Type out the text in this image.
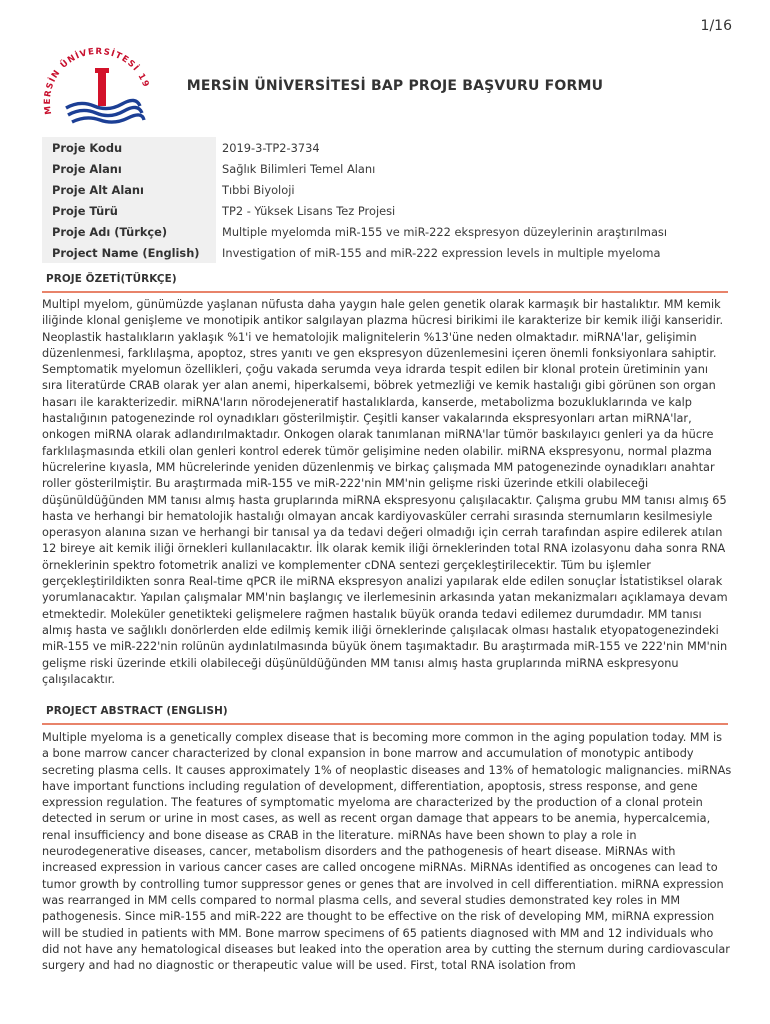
1/16
MERSİN ÜNİVERSİTESİ 19	MERSİN ÜNİVERSİTESİ BAP PROJE BAŞVURU FORMU
Proje Kodu	2019-3-TP2-3734
Proje Alanı	Sağlık Bilimleri Temel Alanı
Proje Alt Alanı	Tıbbi Biyoloji
Proje Türü	TP2 - Yüksek Lisans Tez Projesi
Proje Adı (Türkçe)	Multiple myelomda miR-155 ve miR-222 ekspresyon düzeylerinin araştırılması
Project Name (English)	Investigation of miR-155 and miR-222 expression levels in multiple myeloma
PROJE ÖZETİ(TÜRKÇE)

Multipl myelom, günümüzde yaşlanan nüfusta daha yaygın hale gelen genetik olarak karmaşık bir hastalıktır. MM kemik iliğinde klonal genişleme ve monotipik antikor salgılayan plazma hücresi birikimi ile karakterize bir kemik iliği kanseridir. Neoplastik hastalıkların yaklaşık %1'i ve hematolojik malignitelerin %13'üne neden olmaktadır. miRNA'lar, gelişimin düzenlenmesi, farklılaşma, apoptoz, stres yanıtı ve gen ekspresyon düzenlemesini içeren önemli fonksiyonlara sahiptir. Semptomatik myelomun özellikleri, çoğu vakada serumda veya idrarda tespit edilen bir klonal protein üretiminin yanı sıra literatürde CRAB olarak yer alan anemi, hiperkalsemi, böbrek yetmezliği ve kemik hastalığı gibi görünen son organ hasarı ile karakterizedir. miRNA'ların nörodejeneratif hastalıklarda, kanserde, metabolizma bozukluklarında ve kalp hastalığının patogenezinde rol oynadıkları gösterilmiştir. Çeşitli kanser vakalarında ekspresyonları artan miRNA'lar, onkogen miRNA olarak adlandırılmaktadır. Onkogen olarak tanımlanan miRNA'lar tümör baskılayıcı genleri ya da hücre farklılaşmasında etkili olan genleri kontrol ederek tümör gelişimine neden olabilir. miRNA ekspresyonu, normal plazma hücrelerine kıyasla, MM hücrelerinde yeniden düzenlenmiş ve birkaç çalışmada MM patogenezinde oynadıkları anahtar roller gösterilmiştir. Bu araştırmada miR-155 ve miR-222'nin MM'nin gelişme riski üzerinde etkili olabileceği düşünüldüğünden MM tanısı almış hasta gruplarında miRNA ekspresyonu çalışılacaktır. Çalışma grubu MM tanısı almış 65 hasta ve herhangi bir hematolojik hastalığı olmayan ancak kardiyovasküler cerrahi sırasında sternumların kesilmesiyle operasyon alanına sızan ve herhangi bir tanısal ya da tedavi değeri olmadığı için cerrah tarafından aspire edilerek atılan 12 bireye ait kemik iliği örnekleri kullanılacaktır. İlk olarak kemik iliği örneklerinden total RNA izolasyonu daha sonra RNA örneklerinin spektro fotometrik analizi ve komplementer cDNA sentezi gerçekleştirilecektir. Tüm bu işlemler gerçekleştirildikten sonra Real-time qPCR ile miRNA ekspresyon analizi yapılarak elde edilen sonuçlar İstatistiksel olarak yorumlanacaktır. Yapılan çalışmalar MM'nin başlangıç ve ilerlemesinin arkasında yatan mekanizmaları açıklamaya devam etmektedir. Moleküler genetikteki gelişmelere rağmen hastalık büyük oranda tedavi edilemez durumdadır. MM tanısı almış hasta ve sağlıklı donörlerden elde edilmiş kemik iliği örneklerinde çalışılacak olması hastalık etyopatogenezindeki miR-155 ve miR-222'nin rolünün aydınlatılmasında büyük önem taşımaktadır. Bu araştırmada miR-155 ve 222'nin MM'nin gelişme riski üzerinde etkili olabileceği düşünüldüğünden MM tanısı almış hasta gruplarında miRNA eskpresyonu çalışılacaktır.

PROJECT ABSTRACT (ENGLISH)

Multiple myeloma is a genetically complex disease that is becoming more common in the aging population today. MM is a bone marrow cancer characterized by clonal expansion in bone marrow and accumulation of monotypic antibody secreting plasma cells. It causes approximately 1% of neoplastic diseases and 13% of hematologic malignancies. miRNAs have important functions including regulation of development, differentiation, apoptosis, stress response, and gene expression regulation. The features of symptomatic myeloma are characterized by the production of a clonal protein detected in serum or urine in most cases, as well as recent organ damage that appears to be anemia, hypercalcemia, renal insufficiency and bone disease as CRAB in the literature. miRNAs have been shown to play a role in neurodegenerative diseases, cancer, metabolism disorders and the pathogenesis of heart disease. MiRNAs with increased expression in various cancer cases are called oncogene miRNAs. MiRNAs identified as oncogenes can lead to tumor growth by controlling tumor suppressor genes or genes that are involved in cell differentiation. miRNA expression was rearranged in MM cells compared to normal plasma cells, and several studies demonstrated key roles in MM pathogenesis. Since miR-155 and miR-222 are thought to be effective on the risk of developing MM, miRNA expression will be studied in patients with MM. Bone marrow specimens of 65 patients diagnosed with MM and 12 individuals who did not have any hematological diseases but leaked into the operation area by cutting the sternum during cardiovascular surgery and had no diagnostic or therapeutic value will be used. First, total RNA isolation from
